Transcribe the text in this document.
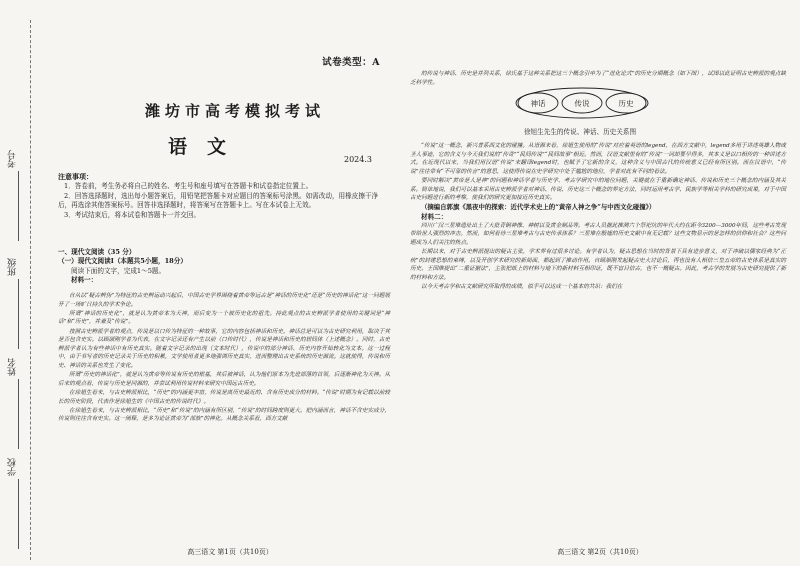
考号
班级
姓名
学校
试卷类型：A
潍坊市高考模拟考试
语文
2024.3
注意事项：

1．答卷前，考生务必将自己的姓名、考生号和座号填写在答题卡和试卷指定位置上。

2．回答选择题时，选出每小题答案后，用铅笔把答题卡对应题目的答案标号涂黑。如需改动，用橡皮擦干净后，再选涂其他答案标号。回答非选择题时，将答案写在答题卡上。写在本试卷上无效。

3．考试结束后，将本试卷和答题卡一并交回。

一、现代文阅读（35 分）

（一）现代文阅读Ⅰ（本题共5小题，18分）

阅读下面的文字，完成1～5题。

材料一：

自从以“疑古辨伪”为特征的古史辨运动兴起后，中国古史学界围绕着黄帝等远古是“神话的历史化”还是“历史的神话化”这一问题展开了一场旷日持久的学术争论。

所谓“神话的历史化”，就是认为黄帝本为天神，而后变为一个被历史化的祖先。持此观点的古史辨派学者使用的关键词是“神话”和“历史”，并兼及“传说”。

按照古史辨派学者的观点，传说是以口传为特征的一种故事，它的内容包括神话和历史。神话总是可以为古史研究利用，取决于其是否包含史实。以顾颉刚学者为代表，在文字记录还有产生以前（口传时代），传说是神话和历史的居间体（上述概念）。同时，古史辨派学者认为有些神话中有历史真实。随着文字记录的出现（文本时代），传说中的部分神话、历史内容开始转化为文本。这一过程中，由于书写者的历史记录关于历史的积累，文学使用者更多地强调历史真实，进而整理出古史系统的历史源流。这就使得，传说和历史、神话的关系也发生了变化。

所谓“历史的神话化”，就是认为黄帝等传说有历史的根基，其后被神话，认为他们原本为先进部落的首领，后逐渐神化为天神。从后来的观点看，传说与历史是同源的，并尝试利用传说材料来研究中国远古历史。

在徐旭生看来，与古史辨派相比，“历史”的内涵更丰富，传说是离历史最近的、含有历史成分的材料。“传说”时期为有记载以前较长的历史阶段，代表作是徐旭生的《中国古史的传说时代》。

在徐旭生看来，与古史辨派相比，“历史”和“传说”的内涵有所区别，“传说”的时间跨度则更大。把内涵而言，神话不含史实成分，传说则往往含有史实。这一阐释，是多为论证黄帝为“部族”的神化。从概念关系看，西方文献

高三语文 第1页（共10页）

的传说与神话、历史是并列关系，徐氏基于这种关系把这三个概念引申为了“进化论式”的历史分期概念（如下图），试图以此证明古史辨派的观点缺乏科学性。

神话	传说	历史
徐旭生先生的传说、神话、历史关系图

“传说”这一概念，新兴普系西文化的碰撞。从语源来看，徐旭生使用的“传说”对应着英语的legend，在西方文献中，legend多用于讲述英雄人物或圣人事迹，它的含义与今天我们说的“传奇”“民间传说”“民间故事”相近。然而，汉语文献里有的“传说”一词却要早得多，其本义是以口相传的一种讲述方式。在近现代以来，当我们用汉语“传说”来翻译legend时，也赋予了它新的含义，这种含义与中国古代的传统意义已经有所区别。而在汉语中，“传说”往往带有“不可靠的传言”的意思，这使得传说在史学研究中处于尴尬的地位，学者对此有不同的看法。

要同时解决“黄帝是人是神”的问题和神话学者与历史学、考古学研究中的地位问题，关键就在于重新确定神话、传说和历史三个概念的内涵及其关系。简单地说，我们可以基本采用古史辨派学者对神话、传说、历史这三个概念的界定方法，同时运用考古学、民族学等相关学科的研究成果，对于中国古史问题进行新的考察，使我们的研究更加接近历史真实。

（摘编自郭旗《黑夜中的探索：近代学术史上的“黄帝人神之争”与中西文化碰撞》）

材料二：

四川广汉三星堆遗址出土了大批青铜神像、神树以及黄金制品等。考古人员据此推测六个祭祀坑的年代大约在距今3200—3000年间，这些考古发现带给世人强烈的冲击。然而，如何看待三星堆考古与古史传承体系？三星堆在殷墟的历史文献中有无记载？这些文物显示的是怎样的信仰和社会？这些问题成为人们关注的热点。

长期以来，对于古史辨派提出的疑古主张，学术界有过很多讨论。有学者认为，疑古思想在当时的背景下具有进步意义，对于冲破以儒家经典为“正统”的封建思想的束缚，以及开创学术研究的新局面，都起到了推动作用。自顾颉刚发起疑古史大讨论后，再也没有人相信三皇五帝的古史体系是真实的历史。王国维提出“二重证据法”，主张把纸上的材料与地下的新材料互相印证，既不盲目信古，也不一概疑古。因此，考古学的发展为古史研究提供了新的材料和方法。

以今天考古学和古文献研究所取得的成绩，似乎可以达成一个基本的共识：我们在

高三语文 第2页（共10页）
